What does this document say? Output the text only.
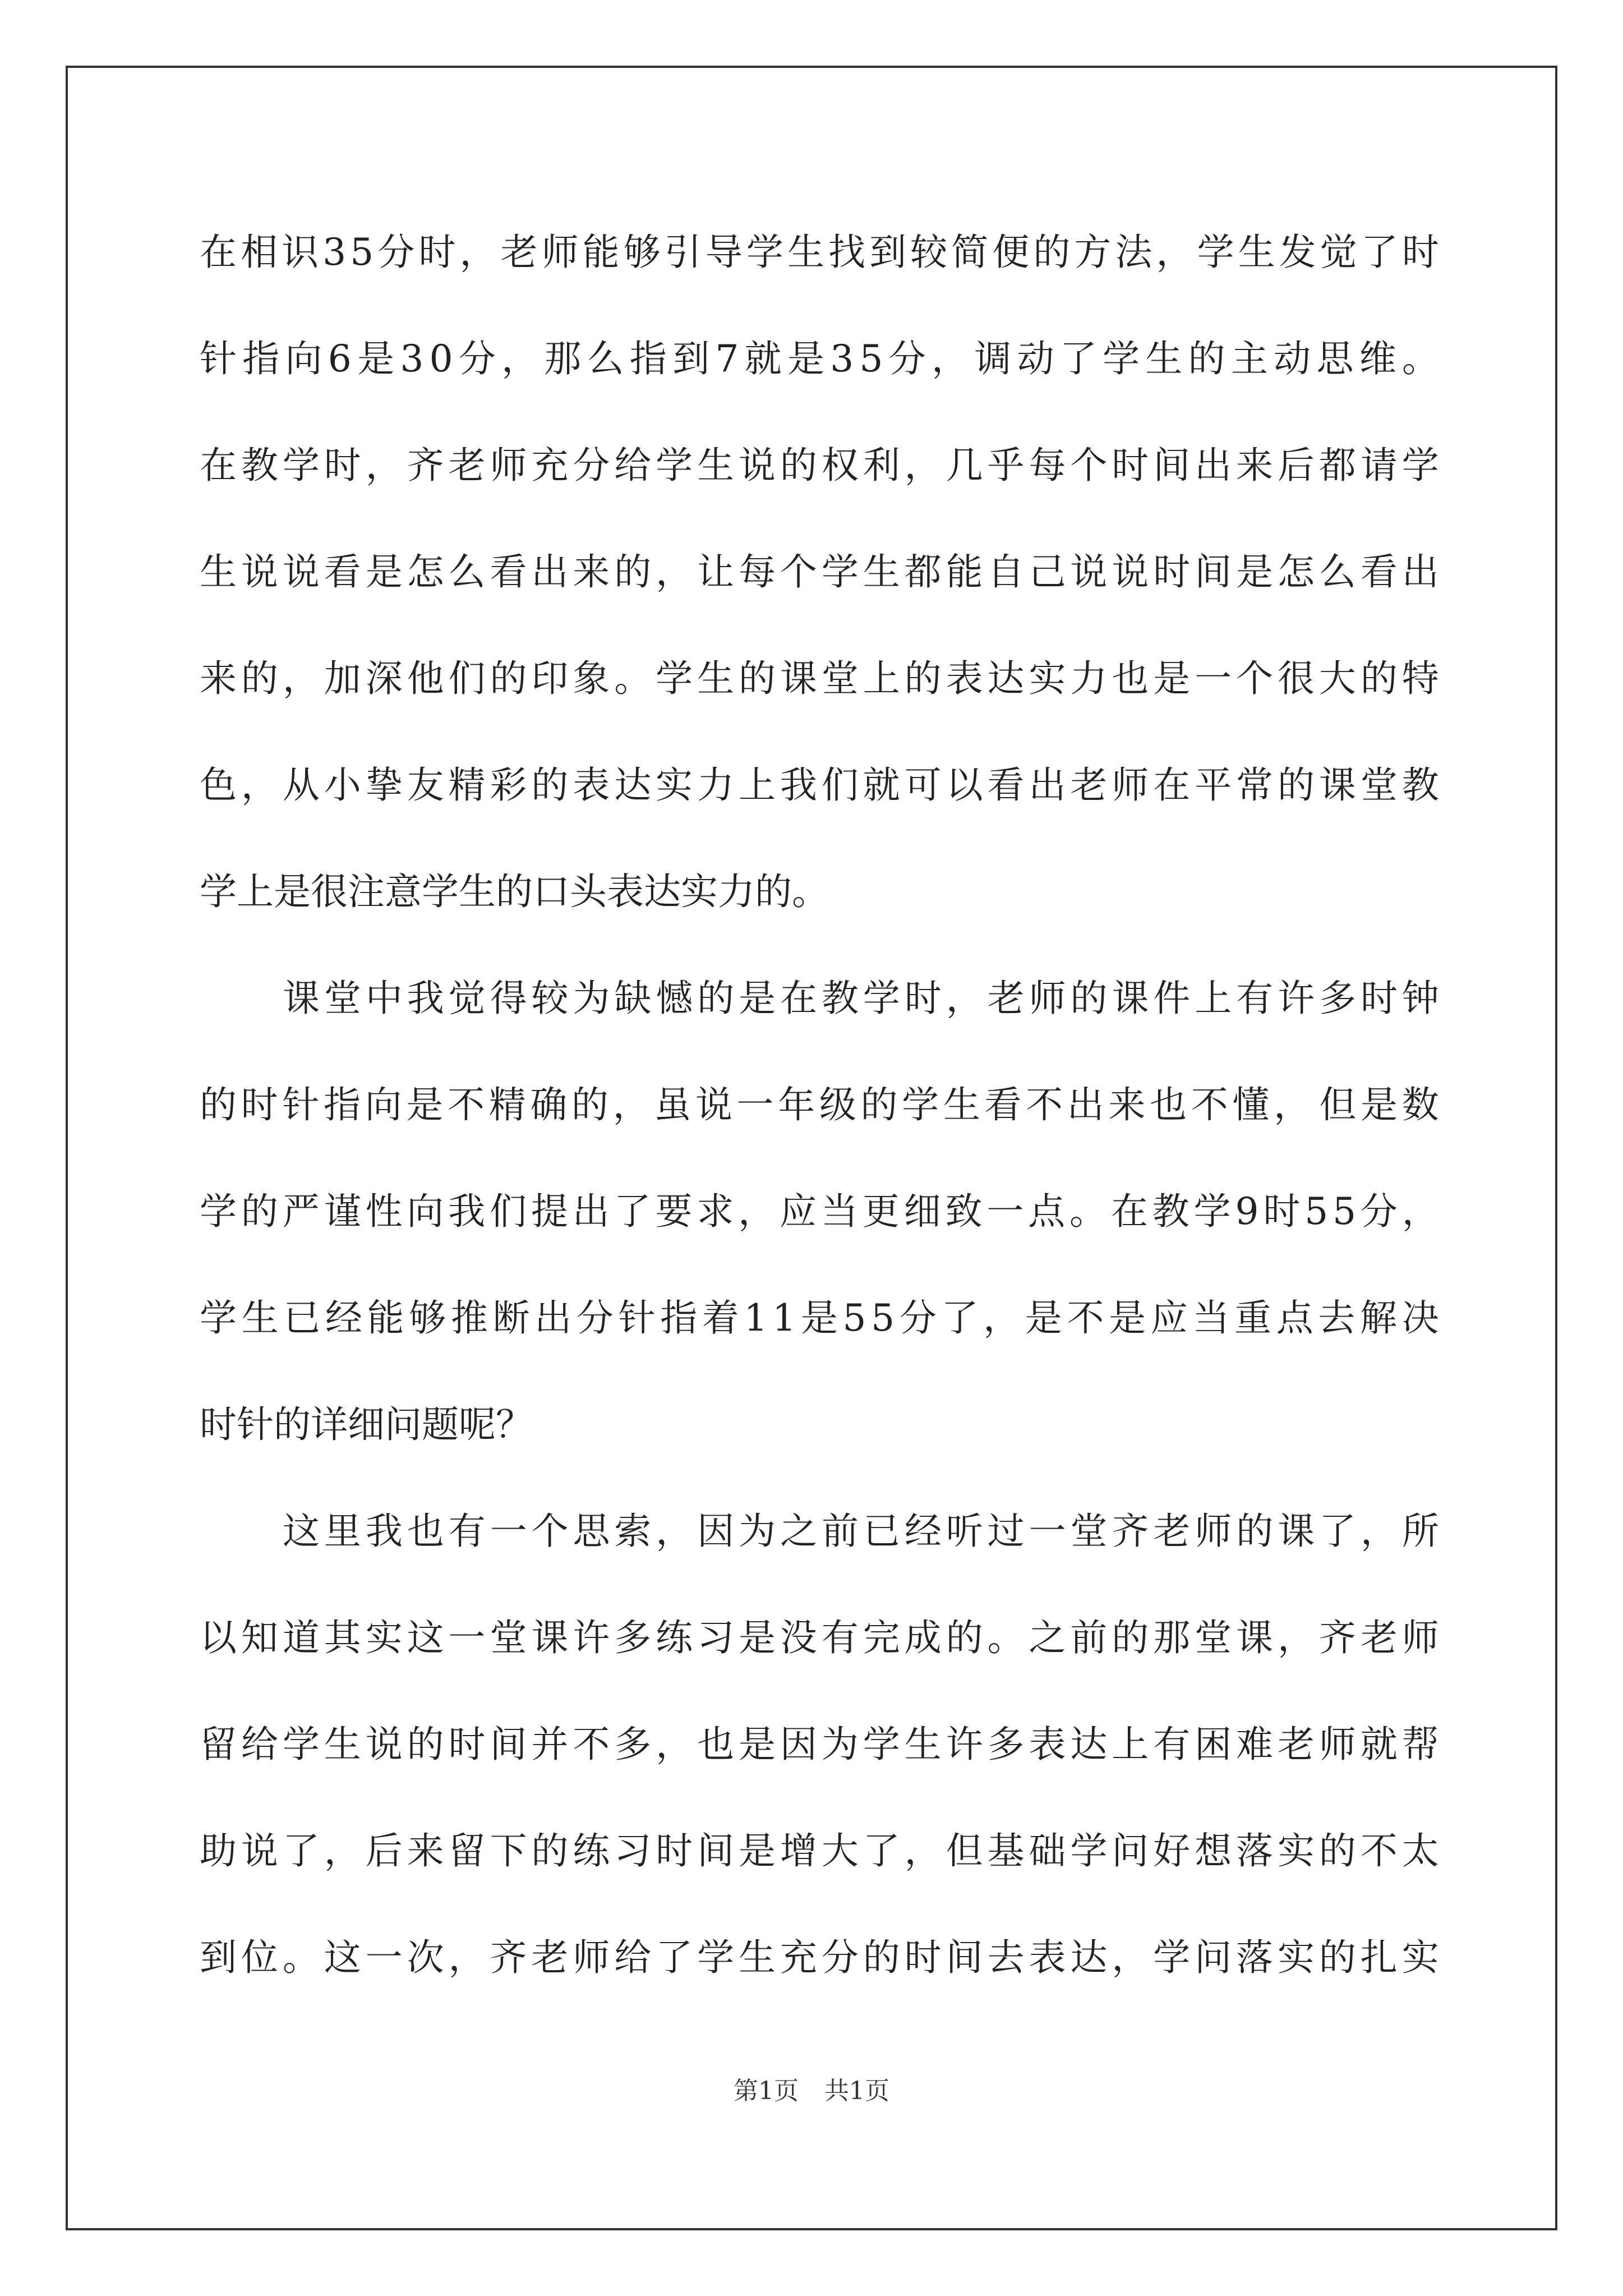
在 相 识 3 5 分 时 ， 老 师 能 够 引 导 学 生 找 到 较 简 便 的 方 法 ， 学 生 发 觉 了 时
针 指 向 6 是 3 0 分 ， 那 么 指 到 7 就 是 3 5 分 ， 调 动 了 学 生 的 主 动 思 维 。
在 教 学 时 ， 齐 老 师 充 分 给 学 生 说 的 权 利 ， 几 乎 每 个 时 间 出 来 后 都 请 学
生 说 说 看 是 怎 么 看 出 来 的 ， 让 每 个 学 生 都 能 自 己 说 说 时 间 是 怎 么 看 出
来 的 ， 加 深 他 们 的 印 象 。 学 生 的 课 堂 上 的 表 达 实 力 也 是 一 个 很 大 的 特
色 ， 从 小 挚 友 精 彩 的 表 达 实 力 上 我 们 就 可 以 看 出 老 师 在 平 常 的 课 堂 教
学上是很注意学生的口头表达实力的。
课 堂 中 我 觉 得 较 为 缺 憾 的 是 在 教 学 时 ， 老 师 的 课 件 上 有 许 多 时 钟
的 时 针 指 向 是 不 精 确 的 ， 虽 说 一 年 级 的 学 生 看 不 出 来 也 不 懂 ， 但 是 数
学 的 严 谨 性 向 我 们 提 出 了 要 求 ， 应 当 更 细 致 一 点 。 在 教 学 9 时 5 5 分 ，
学 生 已 经 能 够 推 断 出 分 针 指 着 1 1 是 5 5 分 了 ， 是 不 是 应 当 重 点 去 解 决
时针的详细问题呢？
这 里 我 也 有 一 个 思 索 ， 因 为 之 前 已 经 听 过 一 堂 齐 老 师 的 课 了 ， 所
以 知 道 其 实 这 一 堂 课 许 多 练 习 是 没 有 完 成 的 。 之 前 的 那 堂 课 ， 齐 老 师
留 给 学 生 说 的 时 间 并 不 多 ， 也 是 因 为 学 生 许 多 表 达 上 有 困 难 老 师 就 帮
助 说 了 ， 后 来 留 下 的 练 习 时 间 是 增 大 了 ， 但 基 础 学 问 好 想 落 实 的 不 太
到 位 。 这 一 次 ， 齐 老 师 给 了 学 生 充 分 的 时 间 去 表 达 ， 学 问 落 实 的 扎 实
第1页 共1页
